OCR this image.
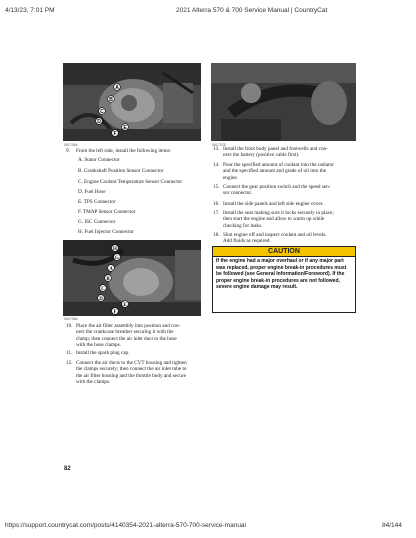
4/13/23, 7:01 PM	2021 Alterra 570 & 700 Service Manual | CountryCat
0017064
A
B
C
D
E
F
0017078
9. From the left side, install the following items:
A. Stator Connector
B. Crankshaft Position Sensor Connector
C. Engine Coolant Temperature Sensor Connector
D. Fuel Hose
E. TPS Connector
F. TMAP Sensor Connector
G. ISC Connector
H. Fuel Injector Connector
H
G
A
B
C
D
E
F
0017064
10. Place the air filter assembly into position and con-
nect the crankcase breather securing it with the
clamp; then connect the air inlet duct to the hose
with the hose clamps.
11. Install the spark plug cap.
12. Connect the air ducts to the CVT housing and tighten
the clamps securely; then connect the air inlet tube to
the air filter housing and the throttle body and secure
with the clamps.
13. Install the front body panel and footwells and con-
nect the battery (positive cable first).
14. Pour the specified amount of coolant into the radiator
and the specified amount and grade of oil into the
engine.
15. Connect the gear position switch and the speed sen-
sor connector.
16. Install the side panels and left side engine cover.
17. Install the seat making sure it locks securely in place;
then start the engine and allow to warm up while
checking for leaks.
18. Shut engine off and inspect coolant and oil levels.
Add fluids as required.
CAUTION
If the engine had a major overhaul or if any major part
was replaced, proper engine break-in procedures must
be followed (see General Information/Foreword). If the
proper engine break-in procedures are not followed,
severe engine damage may result.
82
https://support.countrycat.com/posts/4140354-2021-alterra-570-700-service-manual	84/144
